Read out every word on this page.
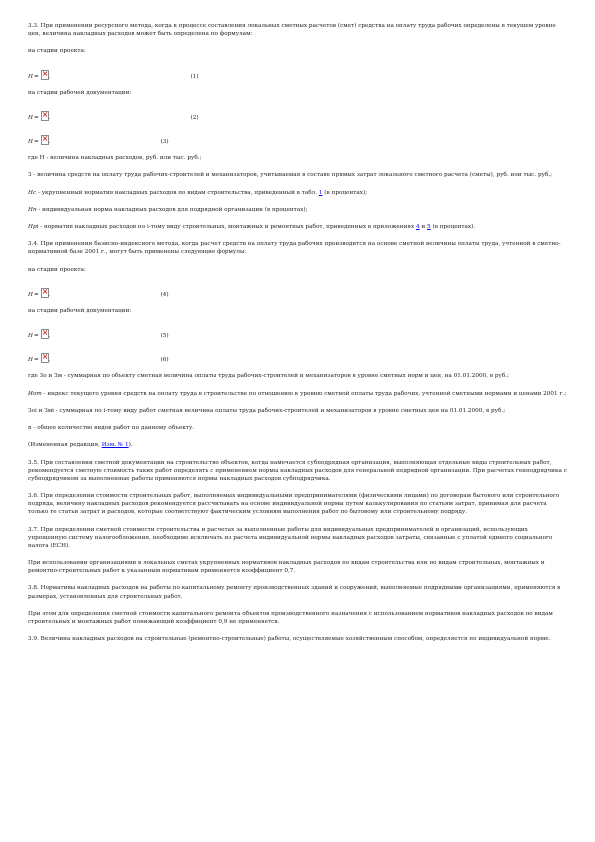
3.3. При применении ресурсного метода, когда в процессе составления локальных сметных расчетов (смет) средства на оплату труда рабочих определены в текущем уровне цен, величина накладных расходов может быть определена по формулам:

на стадии проекта:

Н = × .	(1)

на стадии рабочей документации:

Н = × .	(2)
Н = × .	(3)

где Н - величина накладных расходов, руб. или тыс. руб.;

З - величина средств на оплату труда рабочих-строителей и механизаторов, учитываемая в составе прямых затрат локального сметного расчета (сметы), руб. или тыс. руб.;

Нс - укрупненный норматив накладных расходов по видам строительства, приведенный в табл. 1 (в процентах);

Нп - индивидуальная норма накладных расходов для подрядной организации (в процентах);

Нрi - норматив накладных расходов по i-тому виду строительных, монтажных и ремонтных работ, приведенных в приложениях 4 и 5 (в процентах).

3.4. При применении базисно-индексного метода, когда расчет средств на оплату труда рабочих производится на основе сметной величины оплаты труда, учтенной в сметно-нормативной базе 2001 г., могут быть применены следующие формулы:

на стадии проекта:

Н = × .	(4)

на стадии рабочей документации:

Н = × .	(5)
Н = × .	(6)

где Зо и Зм - суммарная по объекту сметная величина оплаты труда рабочих-строителей и механизаторов в уровне сметных норм и цен, на 01.01.2000, в руб.;

Иот - индекс текущего уровня средств на оплату труда в строительстве по отношению к уровню сметной оплаты труда рабочих, учтенной сметными нормами и ценами 2001 г.;

Зоi и Змi - суммарная по i-тому виду работ сметная величина оплаты труда рабочих-строителей и механизаторов в уровне сметных цен на 01.01.2000, в руб.;

n - общее количество видов работ по данному объекту.

(Измененная редакция, Изм. № 1).

3.5. При составлении сметной документации на строительство объектов, когда намечается субподрядная организация, выполняющая отдельные виды строительных работ, рекомендуется сметную стоимость таких работ определять с применением нормы накладных расходов для генеральной подрядной организации. При расчетах генподрядчика с субподрядчиком за выполненные работы применяются нормы накладных расходов субподрядчика.

3.6. При определении стоимости строительных работ, выполняемых индивидуальными предпринимателями (физическими лицами) по договорам бытового или строительного подряда, величину накладных расходов рекомендуется рассчитывать на основе индивидуальной нормы путем калькулирования по статьям затрат, принимая для расчета только те статьи затрат и расходов, которые соответствуют фактическим условиям выполнения работ по бытовому или строительному подряду.

3.7. При определении сметной стоимости строительства и расчетах за выполненные работы для индивидуальных предпринимателей и организаций, использующих упрощенную систему налогообложения, необходимо исключать из расчета индивидуальной нормы накладных расходов затраты, связанные с уплатой единого социального налога (ЕСН).

При использовании организациями в локальных сметах укрупненных нормативов накладных расходов по видам строительства или по видам строительных, монтажных и ремонтно-строительных работ к указанным нормативам применяется коэффициент 0,7.

3.8. Нормативы накладных расходов на работы по капитальному ремонту производственных зданий и сооружений, выполняемые подрядными организациями, применяются в размерах, установленных для строительных работ.

При этом для определения сметной стоимости капитального ремонта объектов производственного назначения с использованием нормативов накладных расходов по видам строительных и монтажных работ понижающий коэффициент 0,9 не применяется.

3.9. Величина накладных расходов на строительные (ремонтно-строительные) работы, осуществляемые хозяйственным способом, определяется по индивидуальной норме.
